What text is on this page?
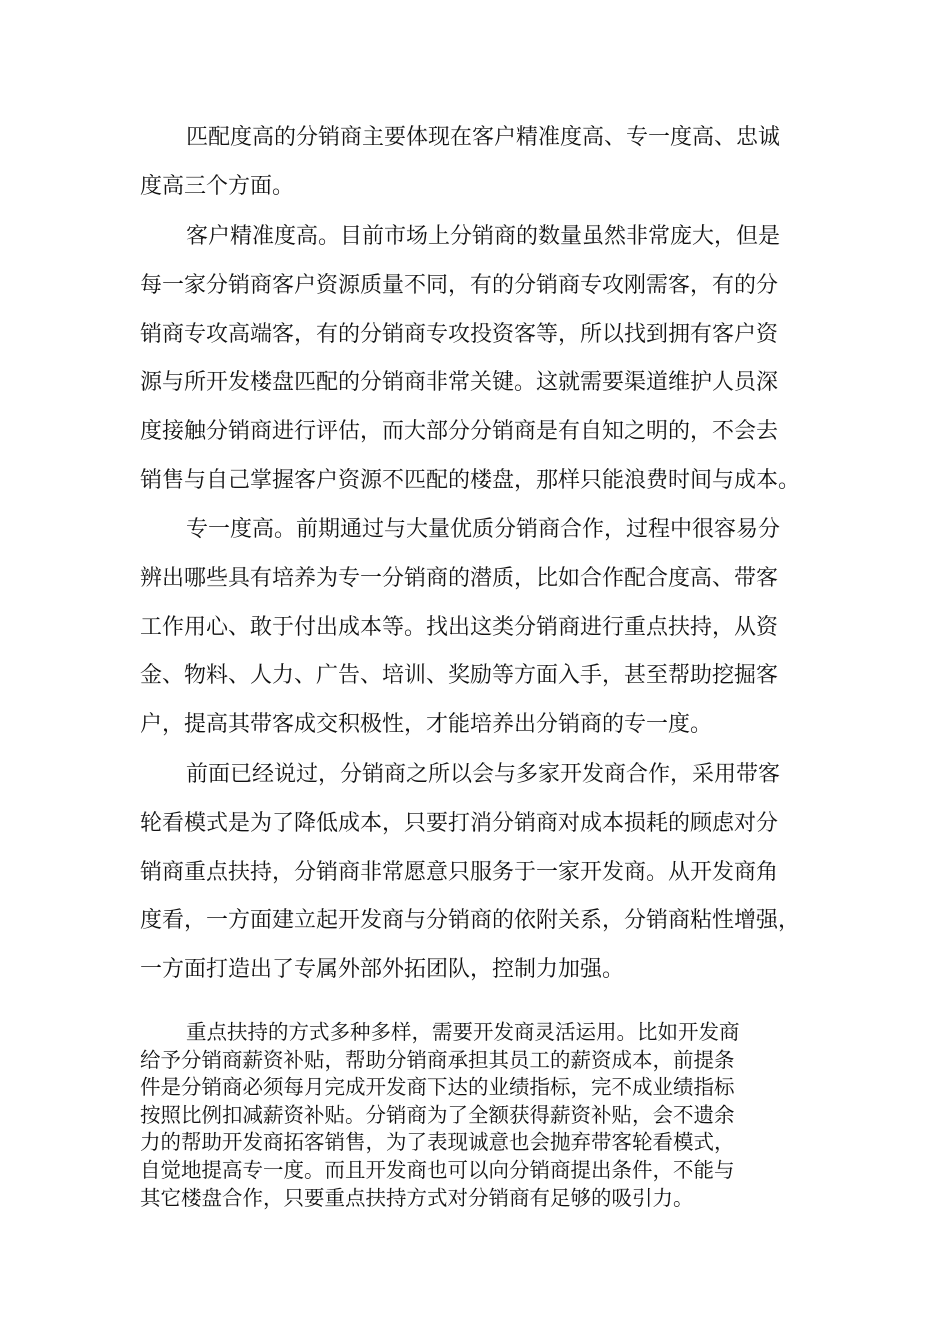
匹配度高的分销商主要体现在客户精准度高、专一度高、忠诚
度高三个方面。

客户精准度高。目前市场上分销商的数量虽然非常庞大，但是
每一家分销商客户资源质量不同，有的分销商专攻刚需客，有的分
销商专攻高端客，有的分销商专攻投资客等，所以找到拥有客户资
源与所开发楼盘匹配的分销商非常关键。这就需要渠道维护人员深
度接触分销商进行评估，而大部分分销商是有自知之明的，不会去
销售与自己掌握客户资源不匹配的楼盘，那样只能浪费时间与成本。

专一度高。前期通过与大量优质分销商合作，过程中很容易分
辨出哪些具有培养为专一分销商的潜质，比如合作配合度高、带客
工作用心、敢于付出成本等。找出这类分销商进行重点扶持，从资
金、物料、人力、广告、培训、奖励等方面入手，甚至帮助挖掘客
户，提高其带客成交积极性，才能培养出分销商的专一度。

前面已经说过，分销商之所以会与多家开发商合作，采用带客
轮看模式是为了降低成本，只要打消分销商对成本损耗的顾虑对分
销商重点扶持，分销商非常愿意只服务于一家开发商。从开发商角
度看，一方面建立起开发商与分销商的依附关系，分销商粘性增强，
一方面打造出了专属外部外拓团队，控制力加强。

重点扶持的方式多种多样，需要开发商灵活运用。比如开发商
给予分销商薪资补贴，帮助分销商承担其员工的薪资成本，前提条
件是分销商必须每月完成开发商下达的业绩指标，完不成业绩指标
按照比例扣减薪资补贴。分销商为了全额获得薪资补贴，会不遗余
力的帮助开发商拓客销售，为了表现诚意也会抛弃带客轮看模式，
自觉地提高专一度。而且开发商也可以向分销商提出条件，不能与
其它楼盘合作，只要重点扶持方式对分销商有足够的吸引力。
